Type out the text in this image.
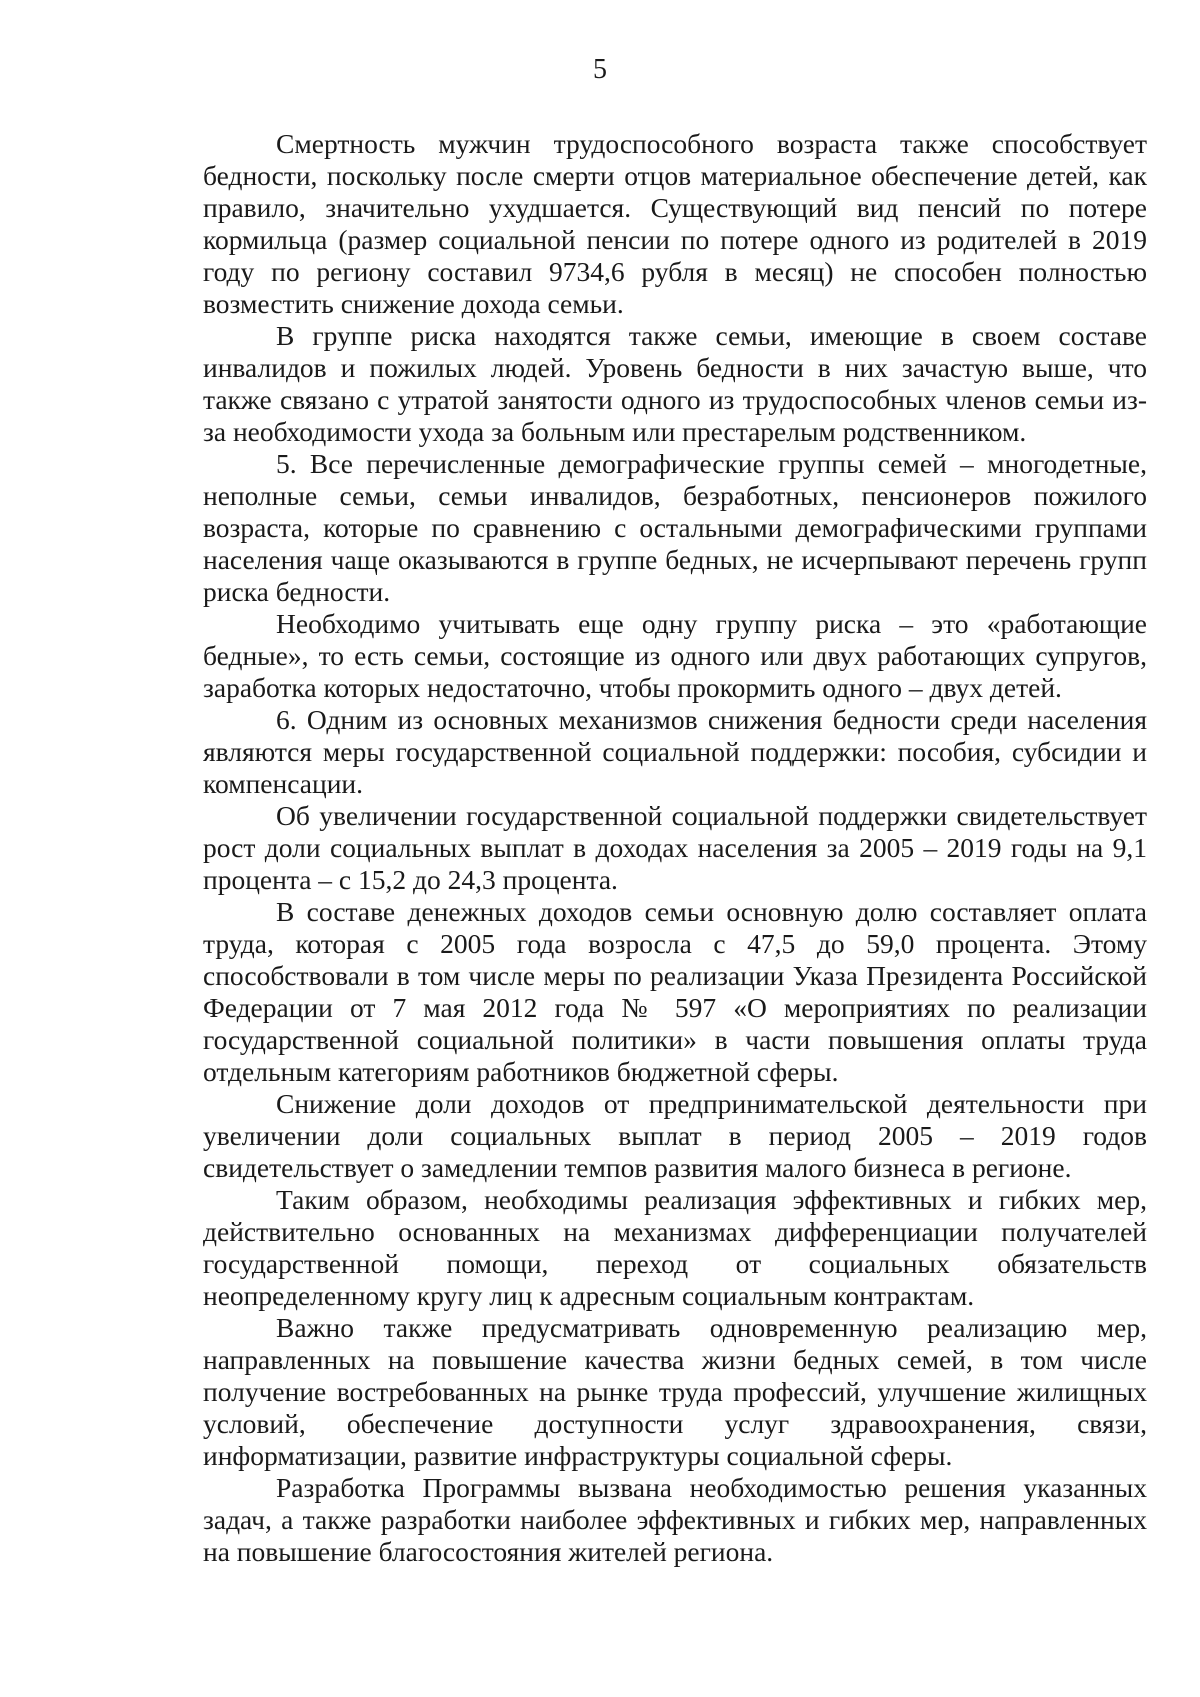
5

Смертность мужчин трудоспособного возраста также способствует бедности, поскольку после смерти отцов материальное обеспечение детей, как правило, значительно ухудшается. Существующий вид пенсий по потере кормильца (размер социальной пенсии по потере одного из родителей в 2019 году по региону составил 9734,6 рубля в месяц) не способен полностью возместить снижение дохода семьи.

В группе риска находятся также семьи, имеющие в своем составе инвалидов и пожилых людей. Уровень бедности в них зачастую выше, что также связано с утратой занятости одного из трудоспособных членов семьи из-за необходимости ухода за больным или престарелым родственником.

5. Все перечисленные демографические группы семей – многодетные, неполные семьи, семьи инвалидов, безработных, пенсионеров пожилого возраста, которые по сравнению с остальными демографическими группами населения чаще оказываются в группе бедных, не исчерпывают перечень групп риска бедности.

Необходимо учитывать еще одну группу риска – это «работающие бедные», то есть семьи, состоящие из одного или двух работающих супругов, заработка которых недостаточно, чтобы прокормить одного – двух детей.

6. Одним из основных механизмов снижения бедности среди населения являются меры государственной социальной поддержки: пособия, субсидии и компенсации.

Об увеличении государственной социальной поддержки свидетельствует рост доли социальных выплат в доходах населения за 2005 – 2019 годы на 9,1 процента – с 15,2 до 24,3 процента.

В составе денежных доходов семьи основную долю составляет оплата труда, которая с 2005 года возросла с 47,5 до 59,0 процента. Этому способствовали в том числе меры по реализации Указа Президента Российской Федерации от 7 мая 2012 года № 597 «О мероприятиях по реализации государственной социальной политики» в части повышения оплаты труда отдельным категориям работников бюджетной сферы.

Снижение доли доходов от предпринимательской деятельности при увеличении доли социальных выплат в период 2005 – 2019 годов свидетельствует о замедлении темпов развития малого бизнеса в регионе.

Таким образом, необходимы реализация эффективных и гибких мер, действительно основанных на механизмах дифференциации получателей государственной помощи, переход от социальных обязательств неопределенному кругу лиц к адресным социальным контрактам.

Важно также предусматривать одновременную реализацию мер, направленных на повышение качества жизни бедных семей, в том числе получение востребованных на рынке труда профессий, улучшение жилищных условий, обеспечение доступности услуг здравоохранения, связи, информатизации, развитие инфраструктуры социальной сферы.

Разработка Программы вызвана необходимостью решения указанных задач, а также разработки наиболее эффективных и гибких мер, направленных на повышение благосостояния жителей региона.
